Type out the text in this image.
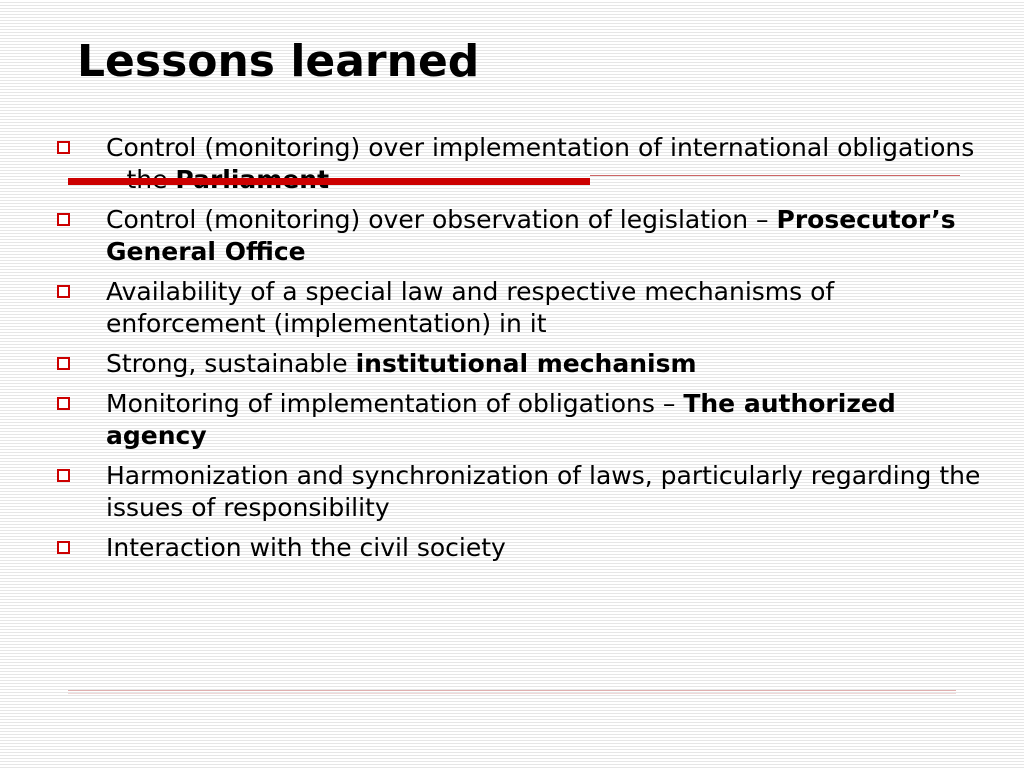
Lessons learned
Control (monitoring) over implementation of international obligations
Control (monitoring) over observation of legislation – Prosecutor’s General Office
Availability of a special law and respective mechanisms of enforcement (implementation) in it
Strong, sustainable institutional mechanism
Monitoring of implementation of obligations – The authorized agency
Harmonization and synchronization of laws, particularly regarding the issues of responsibility
Interaction with the civil society
